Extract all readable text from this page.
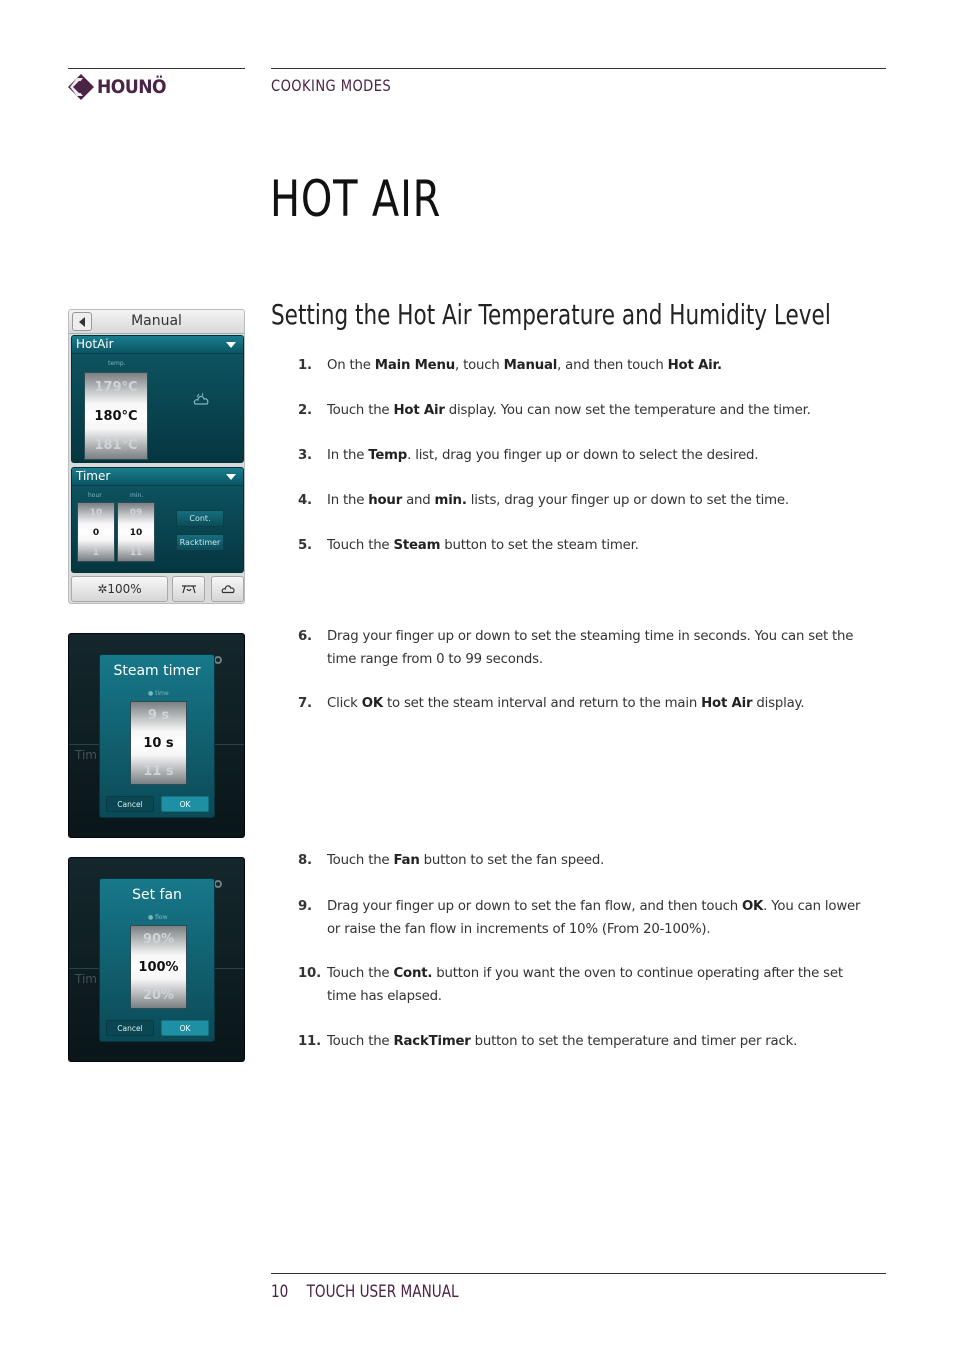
HOUNÖ	COOKING MODES
HOT AIR
Setting the Hot Air Temperature and Humidity Level
1. On the Main Menu, touch Manual, and then touch Hot Air.
2. Touch the Hot Air display. You can now set the temperature and the timer.
3. In the Temp. list, drag you finger up or down to select the desired.
4. In the hour and min. lists, drag your finger up or down to set the time.
5. Touch the Steam button to set the steam timer.
6. Drag your finger up or down to set the steaming time in seconds. You can set the time range from 0 to 99 seconds.
7. Click OK to set the steam interval and return to the main Hot Air display.
8. Touch the Fan button to set the fan speed.
9. Drag your finger up or down to set the fan flow, and then touch OK. You can lower or raise the fan flow in increments of 10% (From 20-100%).
10. Touch the Cont. button if you want the oven to continue operating after the set time has elapsed.
11. Touch the RackTimer button to set the temperature and timer per rack.
Manual
HotAir
temp.
179°C
180°C
181°C
Timer
hour	min.
10
0
1
09
10
11
Cont.
Racktimer
✲100%
Tim
Steam timer
● time
9 s
10 s
11 s
Cancel	OK
Tim
Set fan
● flow
90%
100%
20%
Cancel	OK
10 TOUCH USER MANUAL
